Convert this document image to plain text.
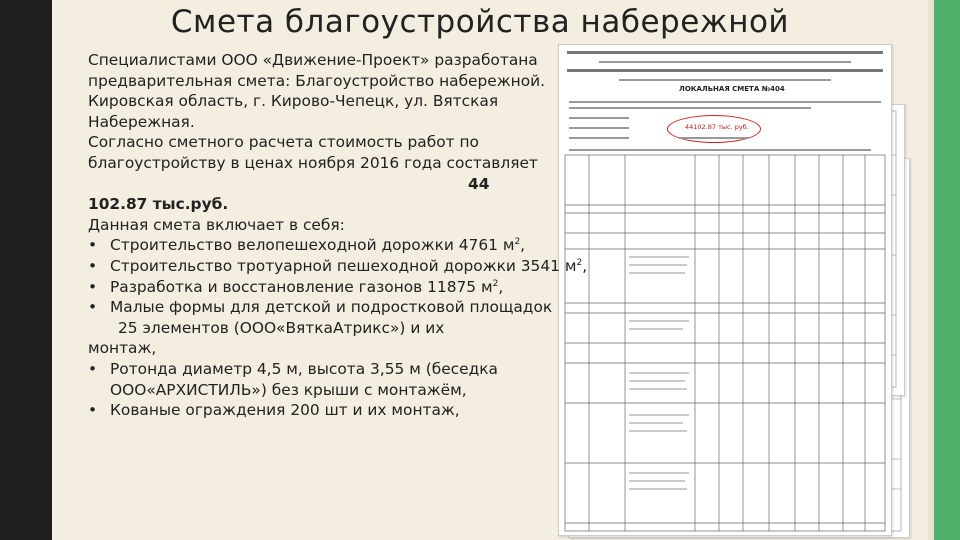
Смета благоустройства набережной
ЛОКАЛЬНАЯ СМЕТА №404
44102.87 тыс. руб.

Специалистами ООО «Движение-Проект» разработана предварительная смета: Благоустройство набережной.

Кировская область, г. Кирово-Чепецк, ул. Вятская Набережная.

Согласно сметного расчета стоимость работ по благоустройству в ценах ноября 2016 года составляет

44

102.87 тыс.руб.

Данная смета включает в себя:

• Строительство велопешеходной дорожки 4761 $м^2$,
• Строительство тротуарной пешеходной дорожки 3541 $м^2$,
• Разработка и восстановление газонов 11875 $м^2$,
• Малые формы для детской и подростковой площадок

25 элементов (ООО«ВяткаАтрикс») и их

монтаж,

• Ротонда диаметр 4,5 м, высота 3,55 м (беседка ООО«АРХИСТИЛЬ») без крыши с монтажём,
• Кованые ограждения 200 шт и их монтаж,
